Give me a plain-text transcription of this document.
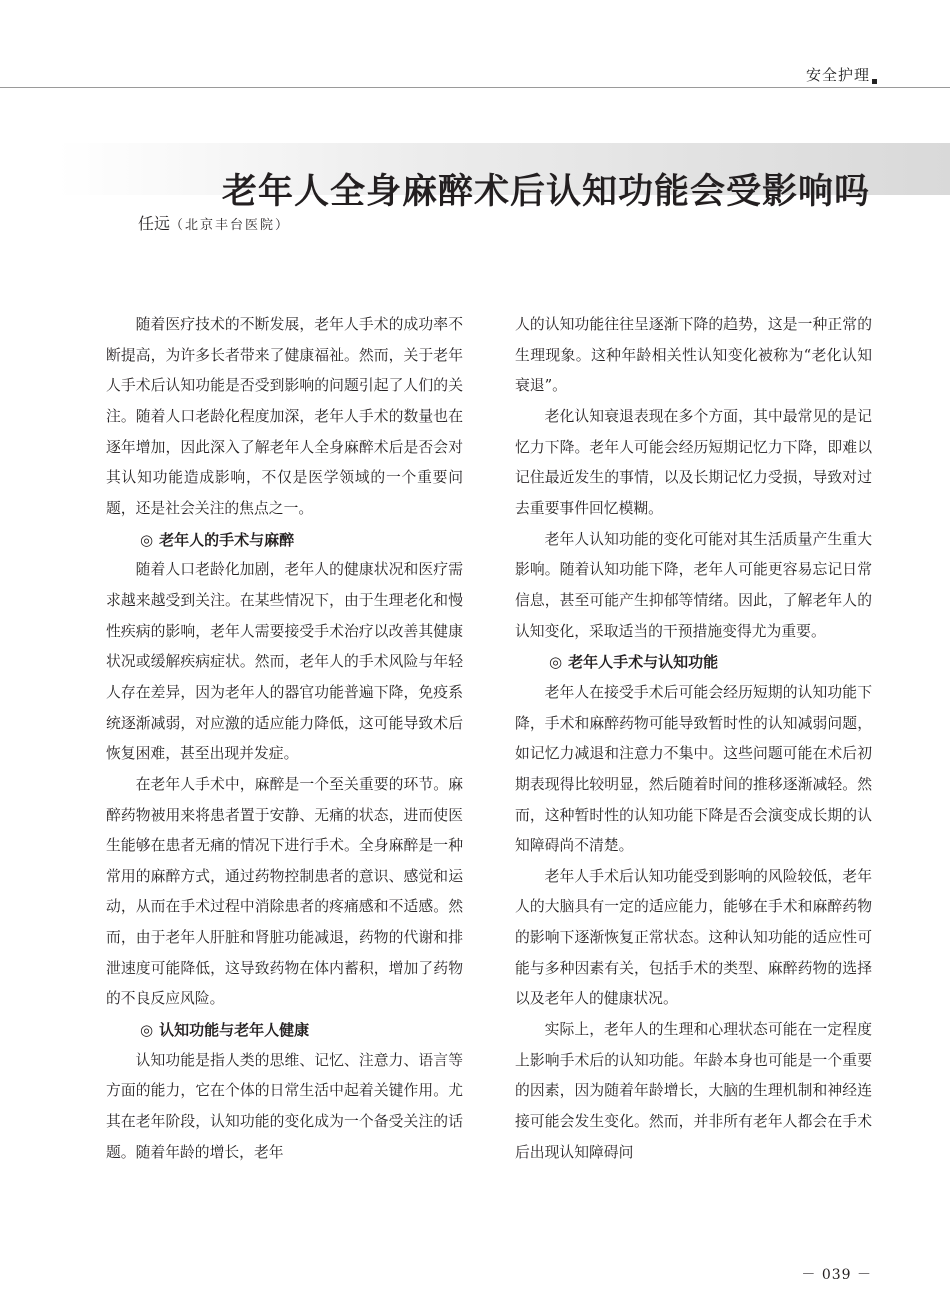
安全护理
老年人全身麻醉术后认知功能会受影响吗
任远（北京丰台医院）

随着医疗技术的不断发展，老年人手术的成功率不断提高，为许多长者带来了健康福祉。然而，关于老年人手术后认知功能是否受到影响的问题引起了人们的关注。随着人口老龄化程度加深，老年人手术的数量也在逐年增加，因此深入了解老年人全身麻醉术后是否会对其认知功能造成影响，不仅是医学领域的一个重要问题，还是社会关注的焦点之一。

◎ 老年人的手术与麻醉

随着人口老龄化加剧，老年人的健康状况和医疗需求越来越受到关注。在某些情况下，由于生理老化和慢性疾病的影响，老年人需要接受手术治疗以改善其健康状况或缓解疾病症状。然而，老年人的手术风险与年轻人存在差异，因为老年人的器官功能普遍下降，免疫系统逐渐减弱，对应激的适应能力降低，这可能导致术后恢复困难，甚至出现并发症。

在老年人手术中，麻醉是一个至关重要的环节。麻醉药物被用来将患者置于安静、无痛的状态，进而使医生能够在患者无痛的情况下进行手术。全身麻醉是一种常用的麻醉方式，通过药物控制患者的意识、感觉和运动，从而在手术过程中消除患者的疼痛感和不适感。然而，由于老年人肝脏和肾脏功能减退，药物的代谢和排泄速度可能降低，这导致药物在体内蓄积，增加了药物的不良反应风险。

◎ 认知功能与老年人健康

认知功能是指人类的思维、记忆、注意力、语言等方面的能力，它在个体的日常生活中起着关键作用。尤其在老年阶段，认知功能的变化成为一个备受关注的话题。随着年龄的增长，老年

人的认知功能往往呈逐渐下降的趋势，这是一种正常的生理现象。这种年龄相关性认知变化被称为“老化认知衰退”。

老化认知衰退表现在多个方面，其中最常见的是记忆力下降。老年人可能会经历短期记忆力下降，即难以记住最近发生的事情，以及长期记忆力受损，导致对过去重要事件回忆模糊。

老年人认知功能的变化可能对其生活质量产生重大影响。随着认知功能下降，老年人可能更容易忘记日常信息，甚至可能产生抑郁等情绪。因此，了解老年人的认知变化，采取适当的干预措施变得尤为重要。

◎ 老年人手术与认知功能

老年人在接受手术后可能会经历短期的认知功能下降，手术和麻醉药物可能导致暂时性的认知减弱问题，如记忆力减退和注意力不集中。这些问题可能在术后初期表现得比较明显，然后随着时间的推移逐渐减轻。然而，这种暂时性的认知功能下降是否会演变成长期的认知障碍尚不清楚。

老年人手术后认知功能受到影响的风险较低，老年人的大脑具有一定的适应能力，能够在手术和麻醉药物的影响下逐渐恢复正常状态。这种认知功能的适应性可能与多种因素有关，包括手术的类型、麻醉药物的选择以及老年人的健康状况。

实际上，老年人的生理和心理状态可能在一定程度上影响手术后的认知功能。年龄本身也可能是一个重要的因素，因为随着年龄增长，大脑的生理机制和神经连接可能会发生变化。然而，并非所有老年人都会在手术后出现认知障碍问

－ 039 －
